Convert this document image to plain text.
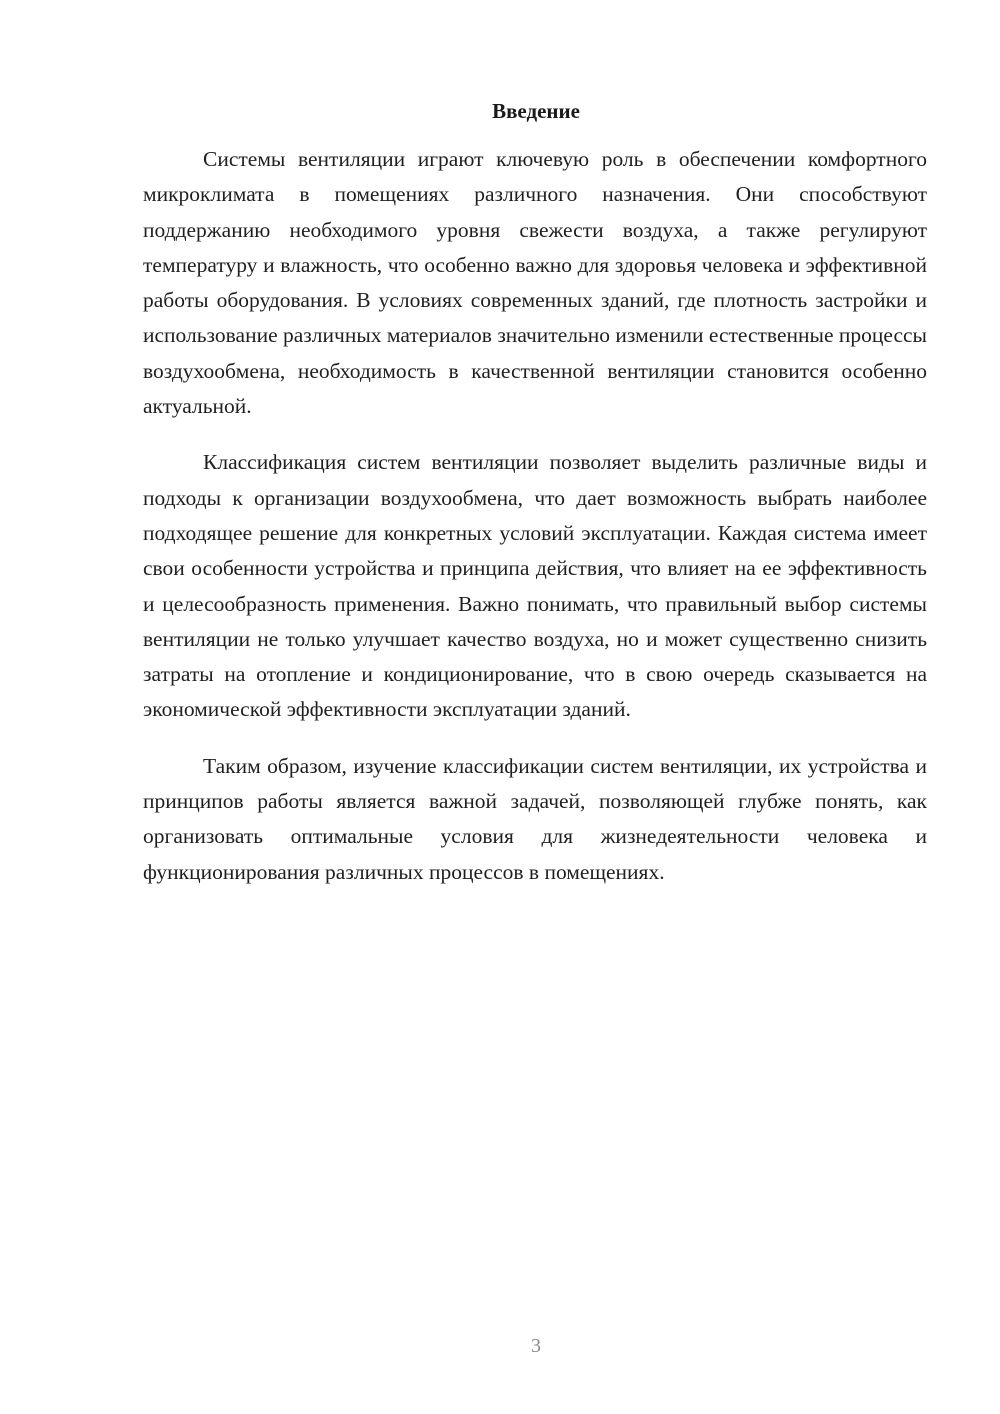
Введение

Системы вентиляции играют ключевую роль в обеспечении комфортного микроклимата в помещениях различного назначения. Они способствуют поддержанию необходимого уровня свежести воздуха, а также регулируют температуру и влажность, что особенно важно для здоровья человека и эффективной работы оборудования. В условиях современных зданий, где плотность застройки и использование различных материалов значительно изменили естественные процессы воздухообмена, необходимость в качественной вентиляции становится особенно актуальной.

Классификация систем вентиляции позволяет выделить различные виды и подходы к организации воздухообмена, что дает возможность выбрать наиболее подходящее решение для конкретных условий эксплуатации. Каждая система имеет свои особенности устройства и принципа действия, что влияет на ее эффективность и целесообразность применения. Важно понимать, что правильный выбор системы вентиляции не только улучшает качество воздуха, но и может существенно снизить затраты на отопление и кондиционирование, что в свою очередь сказывается на экономической эффективности эксплуатации зданий.

Таким образом, изучение классификации систем вентиляции, их устройства и принципов работы является важной задачей, позволяющей глубже понять, как организовать оптимальные условия для жизнедеятельности человека и функционирования различных процессов в помещениях.

3
